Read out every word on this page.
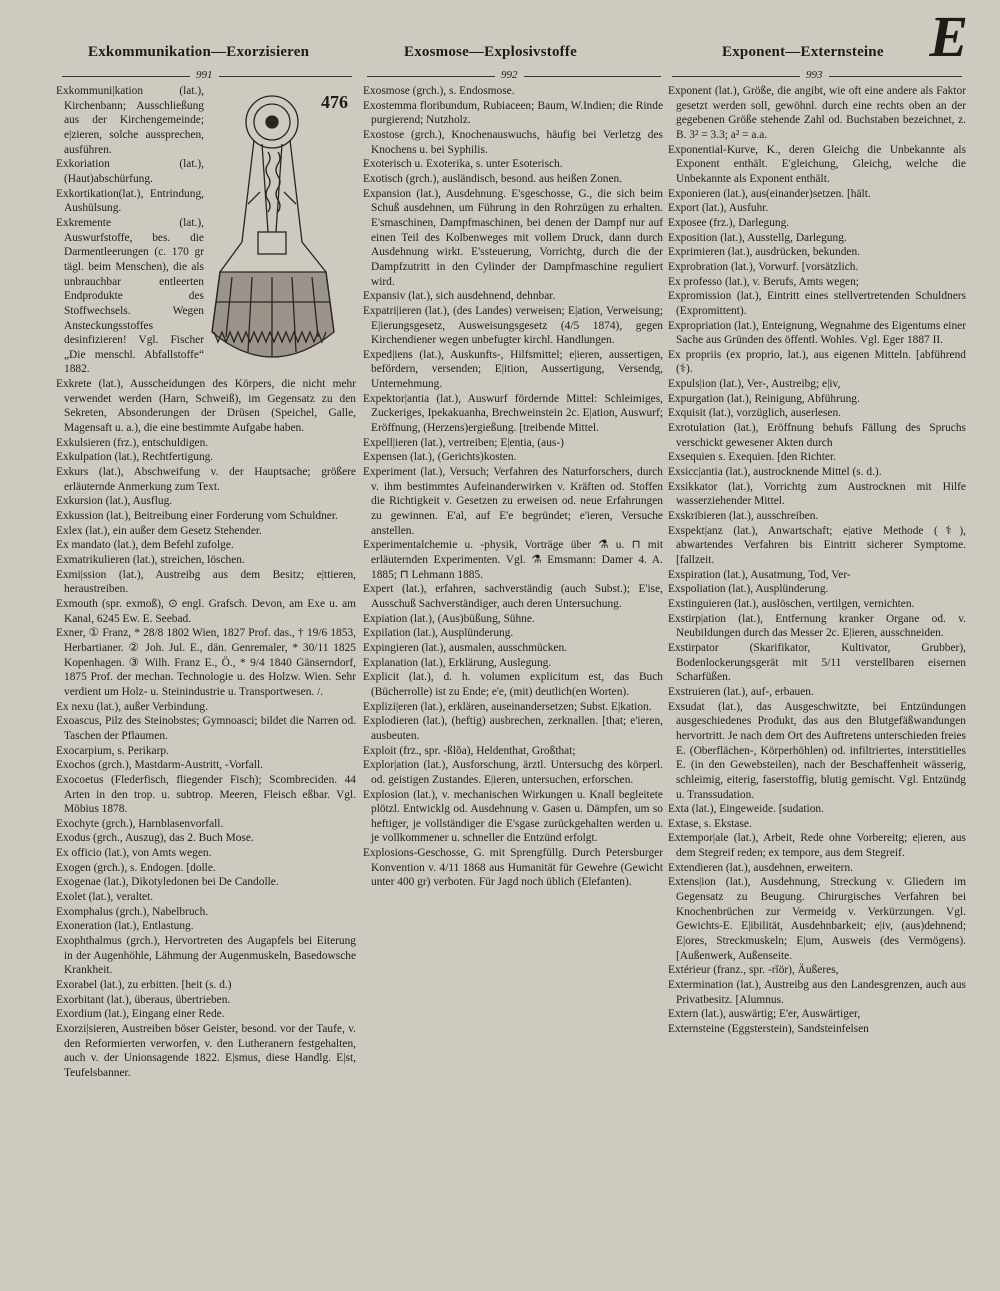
E
Exkommunikation—Exorzisieren	Exosmose—Explosivstoffe	Exponent—Externsteine
991	992	993
476

Exkommuni|kation (lat.), Kirchenbann; Ausschließung aus der Kirchengemeinde; e|zieren, solche aussprechen, ausführen.

Exkoriation (lat.), (Haut)abschürfung.

Exkortikation(lat.), Entrindung, Aushülsung.

Exkremente (lat.), Auswurfstoffe, bes. die Darmentleerungen (c. 170 gr tägl. beim Menschen), die als unbrauchbar entleerten Endprodukte des Stoffwechsels. Wegen Ansteckungsstoffes desinfizieren! Vgl. Fischer „Die menschl. Abfallstoffe“ 1882.

Exkrete (lat.), Ausscheidungen des Körpers, die nicht mehr verwendet werden (Harn, Schweiß), im Gegensatz zu den Sekreten, Absonderungen der Drüsen (Speichel, Galle, Magensaft u. a.), die eine bestimmte Aufgabe haben.

Exkulsieren (frz.), entschuldigen.

Exkulpation (lat.), Rechtfertigung.

Exkurs (lat.), Abschweifung v. der Hauptsache; größere erläuternde Anmerkung zum Text.

Exkursion (lat.), Ausflug.

Exkussion (lat.), Beitreibung einer Forderung vom Schuldner.

Exlex (lat.), ein außer dem Gesetz Stehender.

Ex mandato (lat.), dem Befehl zufolge.

Exmatrikulieren (lat.), streichen, löschen.

Exmi|ssion (lat.), Austreibg aus dem Besitz; e|ttieren, heraustreiben.

Exmouth (spr. exmoß), ⊙ engl. Grafsch. Devon, am Exe u. am Kanal, 6245 Ew. E. Seebad.

Exner, ① Franz, * 28/8 1802 Wien, 1827 Prof. das., † 19/6 1853, Herbartianer. ② Joh. Jul. E., dän. Genremaler, * 30/11 1825 Kopenhagen. ③ Wilh. Franz E., Ö., * 9/4 1840 Gänserndorf, 1875 Prof. der mechan. Technologie u. des Holzw. Wien. Sehr verdient um Holz- u. Steinindustrie u. Transportwesen. /.

Ex nexu (lat.), außer Verbindung.

Exoascus, Pilz des Steinobstes; Gymnoasci; bildet die Narren od. Taschen der Pflaumen.

Exocarpium, s. Perikarp.

Exochos (grch.), Mastdarm-Austritt, -Vorfall.

Exocoetus (Flederfisch, fliegender Fisch); Scombreciden. 44 Arten in den trop. u. subtrop. Meeren, Fleisch eßbar. Vgl. Möbius 1878.

Exochyte (grch.), Harnblasenvorfall.

Exodus (grch., Auszug), das 2. Buch Mose.

Ex officio (lat.), von Amts wegen.

Exogen (grch.), s. Endogen. [dolle.

Exogenae (lat.), Dikotyledonen bei De Candolle.

Exolet (lat.), veraltet.

Exomphalus (grch.), Nabelbruch.

Exoneration (lat.), Entlastung.

Exophthalmus (grch.), Hervortreten des Augapfels bei Eiterung in der Augenhöhle, Lähmung der Augenmuskeln, Basedowsche Krankheit.

Exorabel (lat.), zu erbitten. [heit (s. d.)

Exorbitant (lat.), überaus, übertrieben.

Exordium (lat.), Eingang einer Rede.

Exorzi|sieren, Austreiben böser Geister, besond. vor der Taufe, v. den Reformierten verworfen, v. den Lutheranern festgehalten, auch v. der Unionsagende 1822. E|smus, diese Handlg. E|st, Teufelsbanner.

Exosmose (grch.), s. Endosmose.

Exostemma floribundum, Rubiaceen; Baum, W.Indien; die Rinde purgierend; Nutzholz.

Exostose (grch.), Knochenauswuchs, häufig bei Verletzg des Knochens u. bei Syphilis.

Exoterisch u. Exoterika, s. unter Esoterisch.

Exotisch (grch.), ausländisch, besond. aus heißen Zonen.

Expansion (lat.), Ausdehnung. E'sgeschosse, G., die sich beim Schuß ausdehnen, um Führung in den Rohrzügen zu erhalten. E'smaschinen, Dampfmaschinen, bei denen der Dampf nur auf einen Teil des Kolbenweges mit vollem Druck, dann durch Ausdehnung wirkt. E'ssteuerung, Vorrichtg, durch die der Dampfzutritt in den Cylinder der Dampfmaschine reguliert wird.

Expansiv (lat.), sich ausdehnend, dehnbar.

Expatri|ieren (lat.), (des Landes) verweisen; E|ation, Verweisung; E|ierungsgesetz, Ausweisungsgesetz (4/5 1874), gegen Kirchendiener wegen unbefugter kirchl. Handlungen.

Exped|iens (lat.), Auskunfts-, Hilfsmittel; e|ieren, aussertigen, befördern, versenden; E|ition, Aussertigung, Versendg, Unternehmung.

Expektor|antia (lat.), Auswurf fördernde Mittel: Schleimiges, Zuckeriges, Ipekakuanha, Brechweinstein 2c. E|ation, Auswurf; Eröffnung, (Herzens)ergießung. [treibende Mittel.

Expell|ieren (lat.), vertreiben; E|entia, (aus-)

Expensen (lat.), (Gerichts)kosten.

Experiment (lat.), Versuch; Verfahren des Naturforschers, durch v. ihm bestimmtes Aufeinanderwirken v. Kräften od. Stoffen die Richtigkeit v. Gesetzen zu erweisen od. neue Erfahrungen zu gewinnen. E'al, auf E'e begründet; e'ieren, Versuche anstellen.

Experimentalchemie u. -physik, Vorträge über ⚗ u. ⊓ mit erläuternden Experimenten. Vgl. ⚗ Emsmann: Damer 4. A. 1885; ⊓ Lehmann 1885.

Expert (lat.), erfahren, sachverständig (auch Subst.); E'ise, Ausschuß Sachverständiger, auch deren Untersuchung.

Expiation (lat.), (Aus)büßung, Sühne.

Expilation (lat.), Ausplünderung.

Expingieren (lat.), ausmalen, ausschmücken.

Explanation (lat.), Erklärung, Auslegung.

Explicit (lat.), d. h. volumen explicitum est, das Buch (Bücherrolle) ist zu Ende; e'e, (mit) deutlich(en Worten).

Explizi|eren (lat.), erklären, auseinandersetzen; Subst. E|kation.

Explodieren (lat.), (heftig) ausbrechen, zerknallen. [that; e'ieren, ausbeuten.

Exploit (frz., spr. -ßlŏa), Heldenthat, Großthat;

Explor|ation (lat.), Ausforschung, ärztl. Untersuchg des körperl. od. geistigen Zustandes. E|ieren, untersuchen, erforschen.

Explosion (lat.), v. mechanischen Wirkungen u. Knall begleitete plötzl. Entwicklg od. Ausdehnung v. Gasen u. Dämpfen, um so heftiger, je vollständiger die E'sgase zurückgehalten werden u. je vollkommener u. schneller die Entzünd erfolgt.

Explosions-Geschosse, G. mit Sprengfüllg. Durch Petersburger Konvention v. 4/11 1868 aus Humanität für Gewehre (Gewicht unter 400 gr) verboten. Für Jagd noch üblich (Elefanten).

Exponent (lat.), Größe, die angibt, wie oft eine andere als Faktor gesetzt werden soll, gewöhnl. durch eine rechts oben an der gegebenen Größe stehende Zahl od. Buchstaben bezeichnet, z. B. 3² = 3.3; a² = a.a.

Exponential-Kurve, K., deren Gleichg die Unbekannte als Exponent enthält. E'gleichung, Gleichg, welche die Unbekannte als Exponent enthält.

Exponieren (lat.), aus(einander)setzen. [hält.

Export (lat.), Ausfuhr.

Exposee (frz.), Darlegung.

Exposition (lat.), Ausstellg, Darlegung.

Exprimieren (lat.), ausdrücken, bekunden.

Exprobration (lat.), Vorwurf. [vorsätzlich.

Ex professo (lat.), v. Berufs, Amts wegen;

Expromission (lat.), Eintritt eines stellvertretenden Schuldners (Expromittent).

Expropriation (lat.), Enteignung, Wegnahme des Eigentums einer Sache aus Gründen des öffentl. Wohles. Vgl. Eger 1887 II.

Ex propriis (ex proprio, lat.), aus eigenen Mitteln. [abführend (⚕).

Expuls|ion (lat.), Ver-, Austreibg; e|iv,

Expurgation (lat.), Reinigung, Abführung.

Exquisit (lat.), vorzüglich, auserlesen.

Exrotulation (lat.), Eröffnung behufs Fällung des Spruchs verschickt gewesener Akten durch

Exsequien s. Exequien. [den Richter.

Exsicc|antia (lat.), austrocknende Mittel (s. d.).

Exsikkator (lat.), Vorrichtg zum Austrocknen mit Hilfe wasserziehender Mittel.

Exskribieren (lat.), ausschreiben.

Exspekt|anz (lat.), Anwartschaft; e|ative Methode (⚕), abwartendes Verfahren bis Eintritt sicherer Symptome. [fallzeit.

Exspiration (lat.), Ausatmung, Tod, Ver-

Exspoliation (lat.), Ausplünderung.

Exstinguieren (lat.), auslöschen, vertilgen, vernichten.

Exstirp|ation (lat.), Entfernung kranker Organe od. v. Neubildungen durch das Messer 2c. E|ieren, ausschneiden.

Exstirpator (Skarifikator, Kultivator, Grubber), Bodenlockerungsgerät mit 5/11 verstellbaren eisernen Scharfüßen.

Exstruieren (lat.), auf-, erbauen.

Exsudat (lat.), das Ausgeschwitzte, bei Entzündungen ausgeschiedenes Produkt, das aus den Blutgefäßwandungen hervortritt. Je nach dem Ort des Auftretens unterschieden freies E. (Oberflächen-, Körperhöhlen) od. infiltriertes, interstitielles E. (in den Gewebsteilen), nach der Beschaffenheit wässerig, schleimig, eiterig, faserstoffig, blutig gemischt. Vgl. Entzündg u. Transsudation.

Exta (lat.), Eingeweide. [sudation.

Extase, s. Ekstase.

Extempor|ale (lat.), Arbeit, Rede ohne Vorbereitg; e|ieren, aus dem Stegreif reden; ex tempore, aus dem Stegreif.

Extendieren (lat.), ausdehnen, erweitern.

Extens|ion (lat.), Ausdehnung, Streckung v. Gliedern im Gegensatz zu Beugung. Chirurgisches Verfahren bei Knochenbrüchen zur Vermeidg v. Verkürzungen. Vgl. Gewichts-E. E|ibilität, Ausdehnbarkeit; e|iv, (aus)dehnend; E|ores, Streckmuskeln; E|um, Ausweis (des Vermögens). [Außenwerk, Außenseite.

Extérieur (franz., spr. -rĭör), Äußeres,

Extermination (lat.), Austreibg aus den Landesgrenzen, auch aus Privatbesitz. [Alumnus.

Extern (lat.), auswärtig; E'er, Auswärtiger,

Externsteine (Eggsterstein), Sandsteinfelsen
